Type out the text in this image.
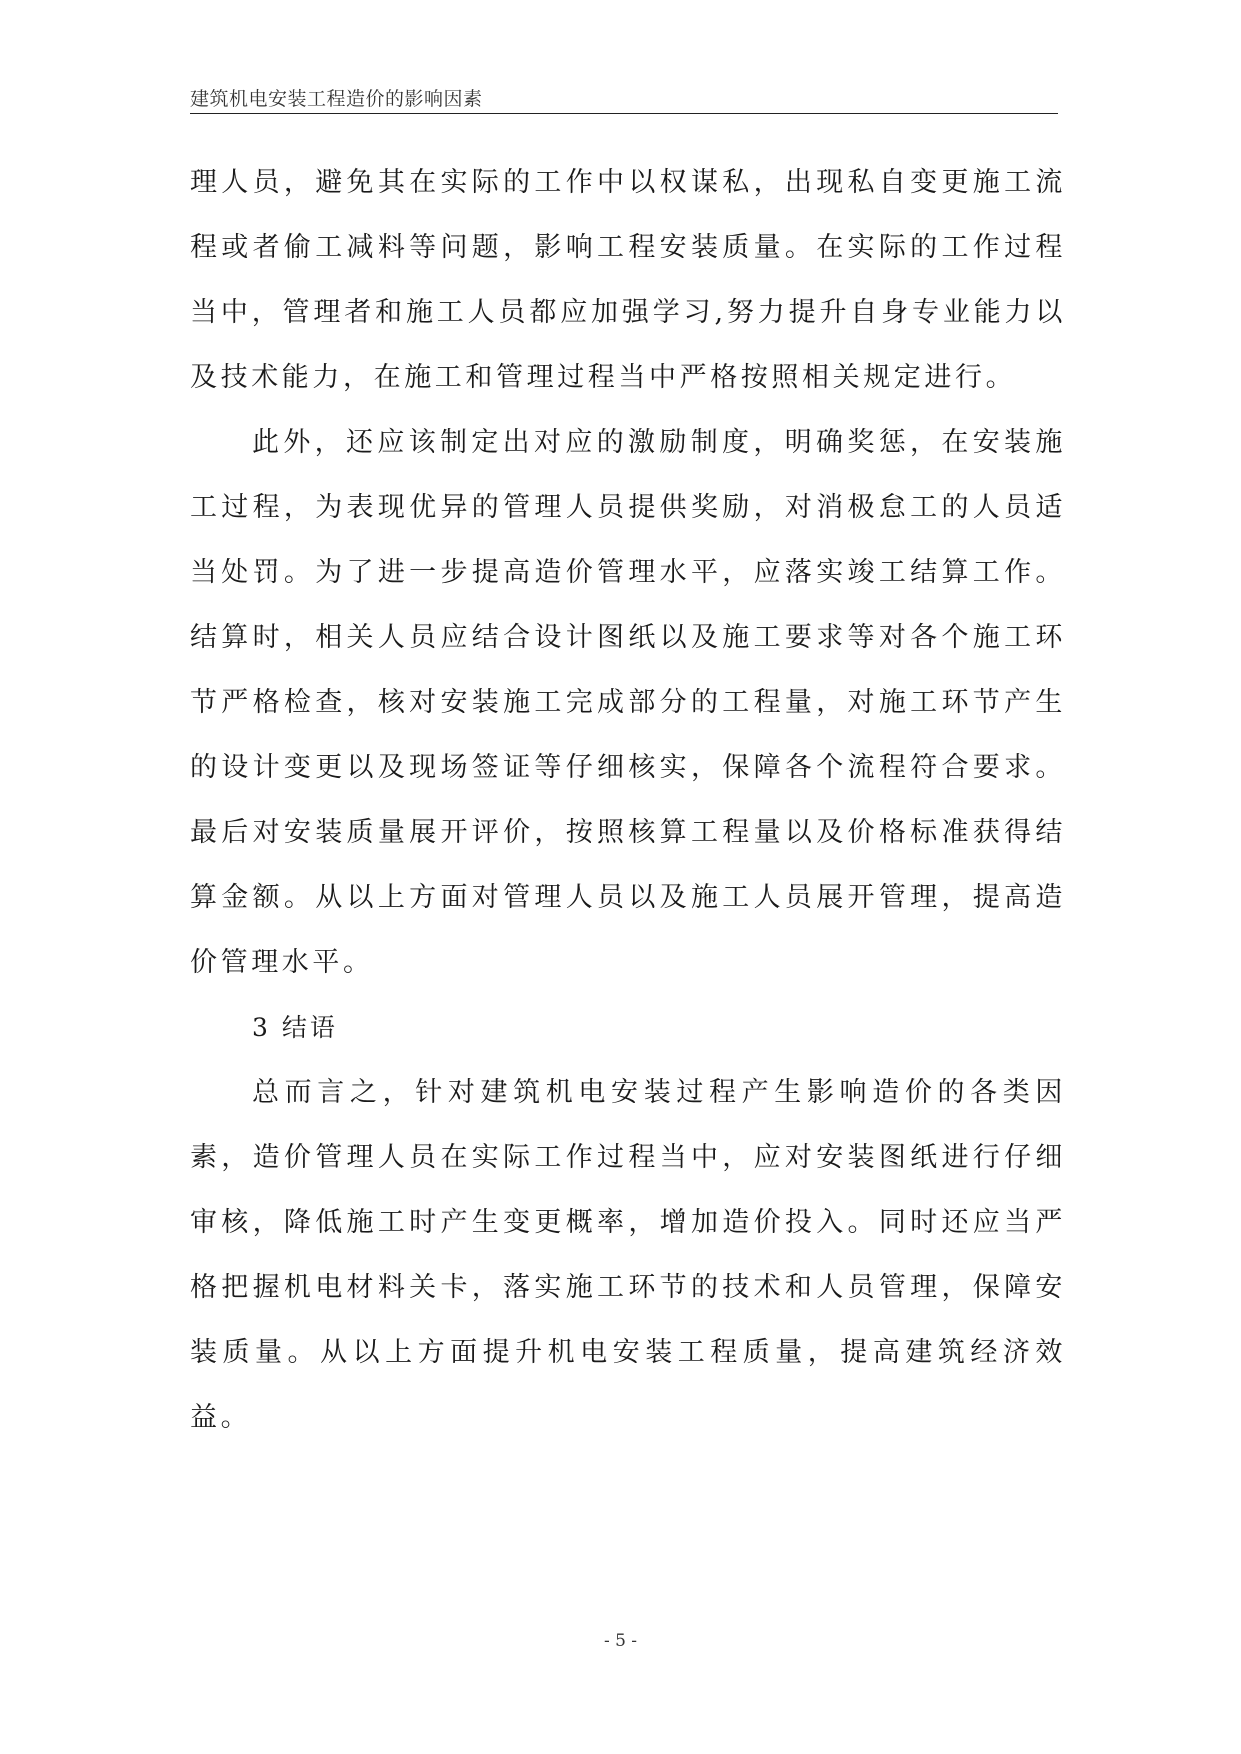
建筑机电安装工程造价的影响因素

理人员，避免其在实际的工作中以权谋私，出现私自变更施工流程或者偷工减料等问题，影响工程安装质量。在实际的工作过程当中，管理者和施工人员都应加强学习,努力提升自身专业能力以及技术能力，在施工和管理过程当中严格按照相关规定进行。

此外，还应该制定出对应的激励制度，明确奖惩，在安装施工过程，为表现优异的管理人员提供奖励，对消极怠工的人员适当处罚。为了进一步提高造价管理水平，应落实竣工结算工作。结算时，相关人员应结合设计图纸以及施工要求等对各个施工环节严格检查，核对安装施工完成部分的工程量，对施工环节产生的设计变更以及现场签证等仔细核实，保障各个流程符合要求。最后对安装质量展开评价，按照核算工程量以及价格标准获得结算金额。从以上方面对管理人员以及施工人员展开管理，提高造价管理水平。

3 结语

总而言之，针对建筑机电安装过程产生影响造价的各类因素，造价管理人员在实际工作过程当中，应对安装图纸进行仔细审核，降低施工时产生变更概率，增加造价投入。同时还应当严格把握机电材料关卡，落实施工环节的技术和人员管理，保障安装质量。从以上方面提升机电安装工程质量，提高建筑经济效益。

- 5 -
